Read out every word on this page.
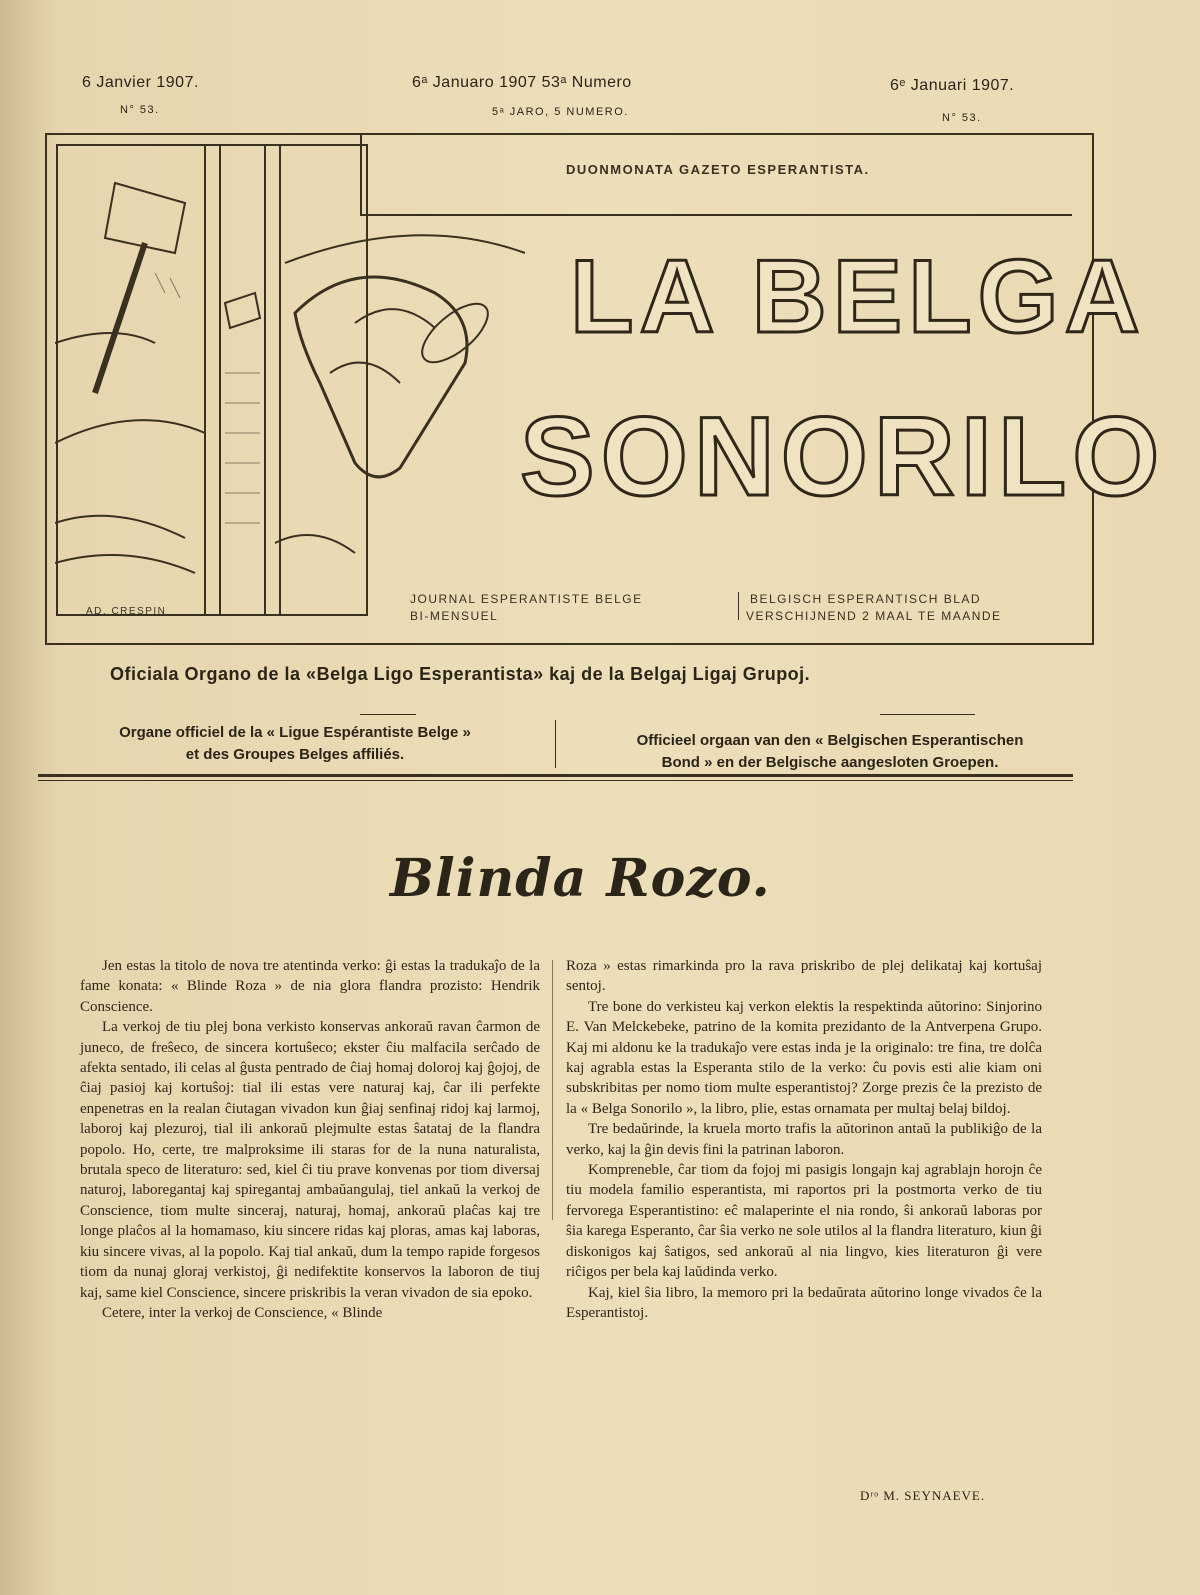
6 Janvier 1907.
N° 53.
6ᵃ Januaro 1907 53ᵃ Numero
5ᵃ JARO, 5 NUMERO.
6ᵉ Januari 1907.
N° 53.
DUONMONATA GAZETO ESPERANTISTA.
AD. CRESPIN
LA BELGA
SONORILO
JOURNAL ESPERANTISTE BELGE
BI-MENSUEL
BELGISCH ESPERANTISCH BLAD
VERSCHIJNEND 2 MAAL TE MAANDE
Oficiala Organo de la «Belga Ligo Esperantista» kaj de la Belgaj Ligaj Grupoj.
Organe officiel de la « Ligue Espérantiste Belge »
et des Groupes Belges affiliés.
Officieel orgaan van den « Belgischen Esperantischen
Bond » en der Belgische aangesloten Groepen.
Blinda Rozo.

Jen estas la titolo de nova tre atentinda verko: ĝi estas la tradukaĵo de la fame konata: « Blinde Roza » de nia glora flandra prozisto: Hendrik Conscience.

La verkoj de tiu plej bona verkisto konservas ankoraŭ ravan ĉarmon de juneco, de freŝeco, de sincera kortuŝeco; ekster ĉiu malfacila serĉado de afekta sentado, ili celas al ĝusta pentrado de ĉiaj homaj doloroj kaj ĝojoj, de ĉiaj pasioj kaj kortuŝoj: tial ili estas vere naturaj kaj, ĉar ili perfekte enpenetras en la realan ĉiutagan vivadon kun ĝiaj senfinaj ridoj kaj larmoj, laboroj kaj plezuroj, tial ili ankoraŭ plejmulte estas ŝatataj de la flandra popolo. Ho, certe, tre malproksime ili staras for de la nuna naturalista, brutala speco de literaturo: sed, kiel ĉi tiu prave konvenas por tiom diversaj naturoj, laboregantaj kaj spiregantaj ambaŭangulaj, tiel ankaŭ la verkoj de Conscience, tiom multe sinceraj, naturaj, homaj, ankoraŭ plaĉas kaj tre longe plaĉos al la homamaso, kiu sincere ridas kaj ploras, amas kaj laboras, kiu sincere vivas, al la popolo. Kaj tial ankaŭ, dum la tempo rapide forgesos tiom da nunaj gloraj verkistoj, ĝi nedifektite konservos la laboron de tiuj kaj, same kiel Conscience, sincere priskribis la veran vivadon de sia epoko.

Cetere, inter la verkoj de Conscience, « Blinde

Roza » estas rimarkinda pro la rava priskribo de plej delikataj kaj kortuŝaj sentoj.

Tre bone do verkisteu kaj verkon elektis la respektinda aŭtorino: Sinjorino E. Van Melckebeke, patrino de la komita prezidanto de la Antverpena Grupo. Kaj mi aldonu ke la tradukaĵo vere estas inda je la originalo: tre fina, tre dolĉa kaj agrabla estas la Esperanta stilo de la verko: ĉu povis esti alie kiam oni subskribitas per nomo tiom multe esperantistoj? Zorge prezis ĉe la prezisto de la « Belga Sonorilo », la libro, plie, estas ornamata per multaj belaj bildoj.

Tre bedaŭrinde, la kruela morto trafis la aŭtorinon antaŭ la publikiĝo de la verko, kaj la ĝin devis fini la patrinan laboron.

Kompreneble, ĉar tiom da fojoj mi pasigis longajn kaj agrablajn horojn ĉe tiu modela familio esperantista, mi raportos pri la postmorta verko de tiu fervorega Esperantistino: eĉ malaperinte el nia rondo, ŝi ankoraŭ laboras por ŝia karega Esperanto, ĉar ŝia verko ne sole utilos al la flandra literaturo, kiun ĝi diskonigos kaj ŝatigos, sed ankoraŭ al nia lingvo, kies literaturon ĝi vere riĉigos per bela kaj laŭdinda verko.

Kaj, kiel ŝia libro, la memoro pri la bedaŭrata aŭtorino longe vivados ĉe la Esperantistoj.

Dʳᵒ M. SEYNAEVE.
